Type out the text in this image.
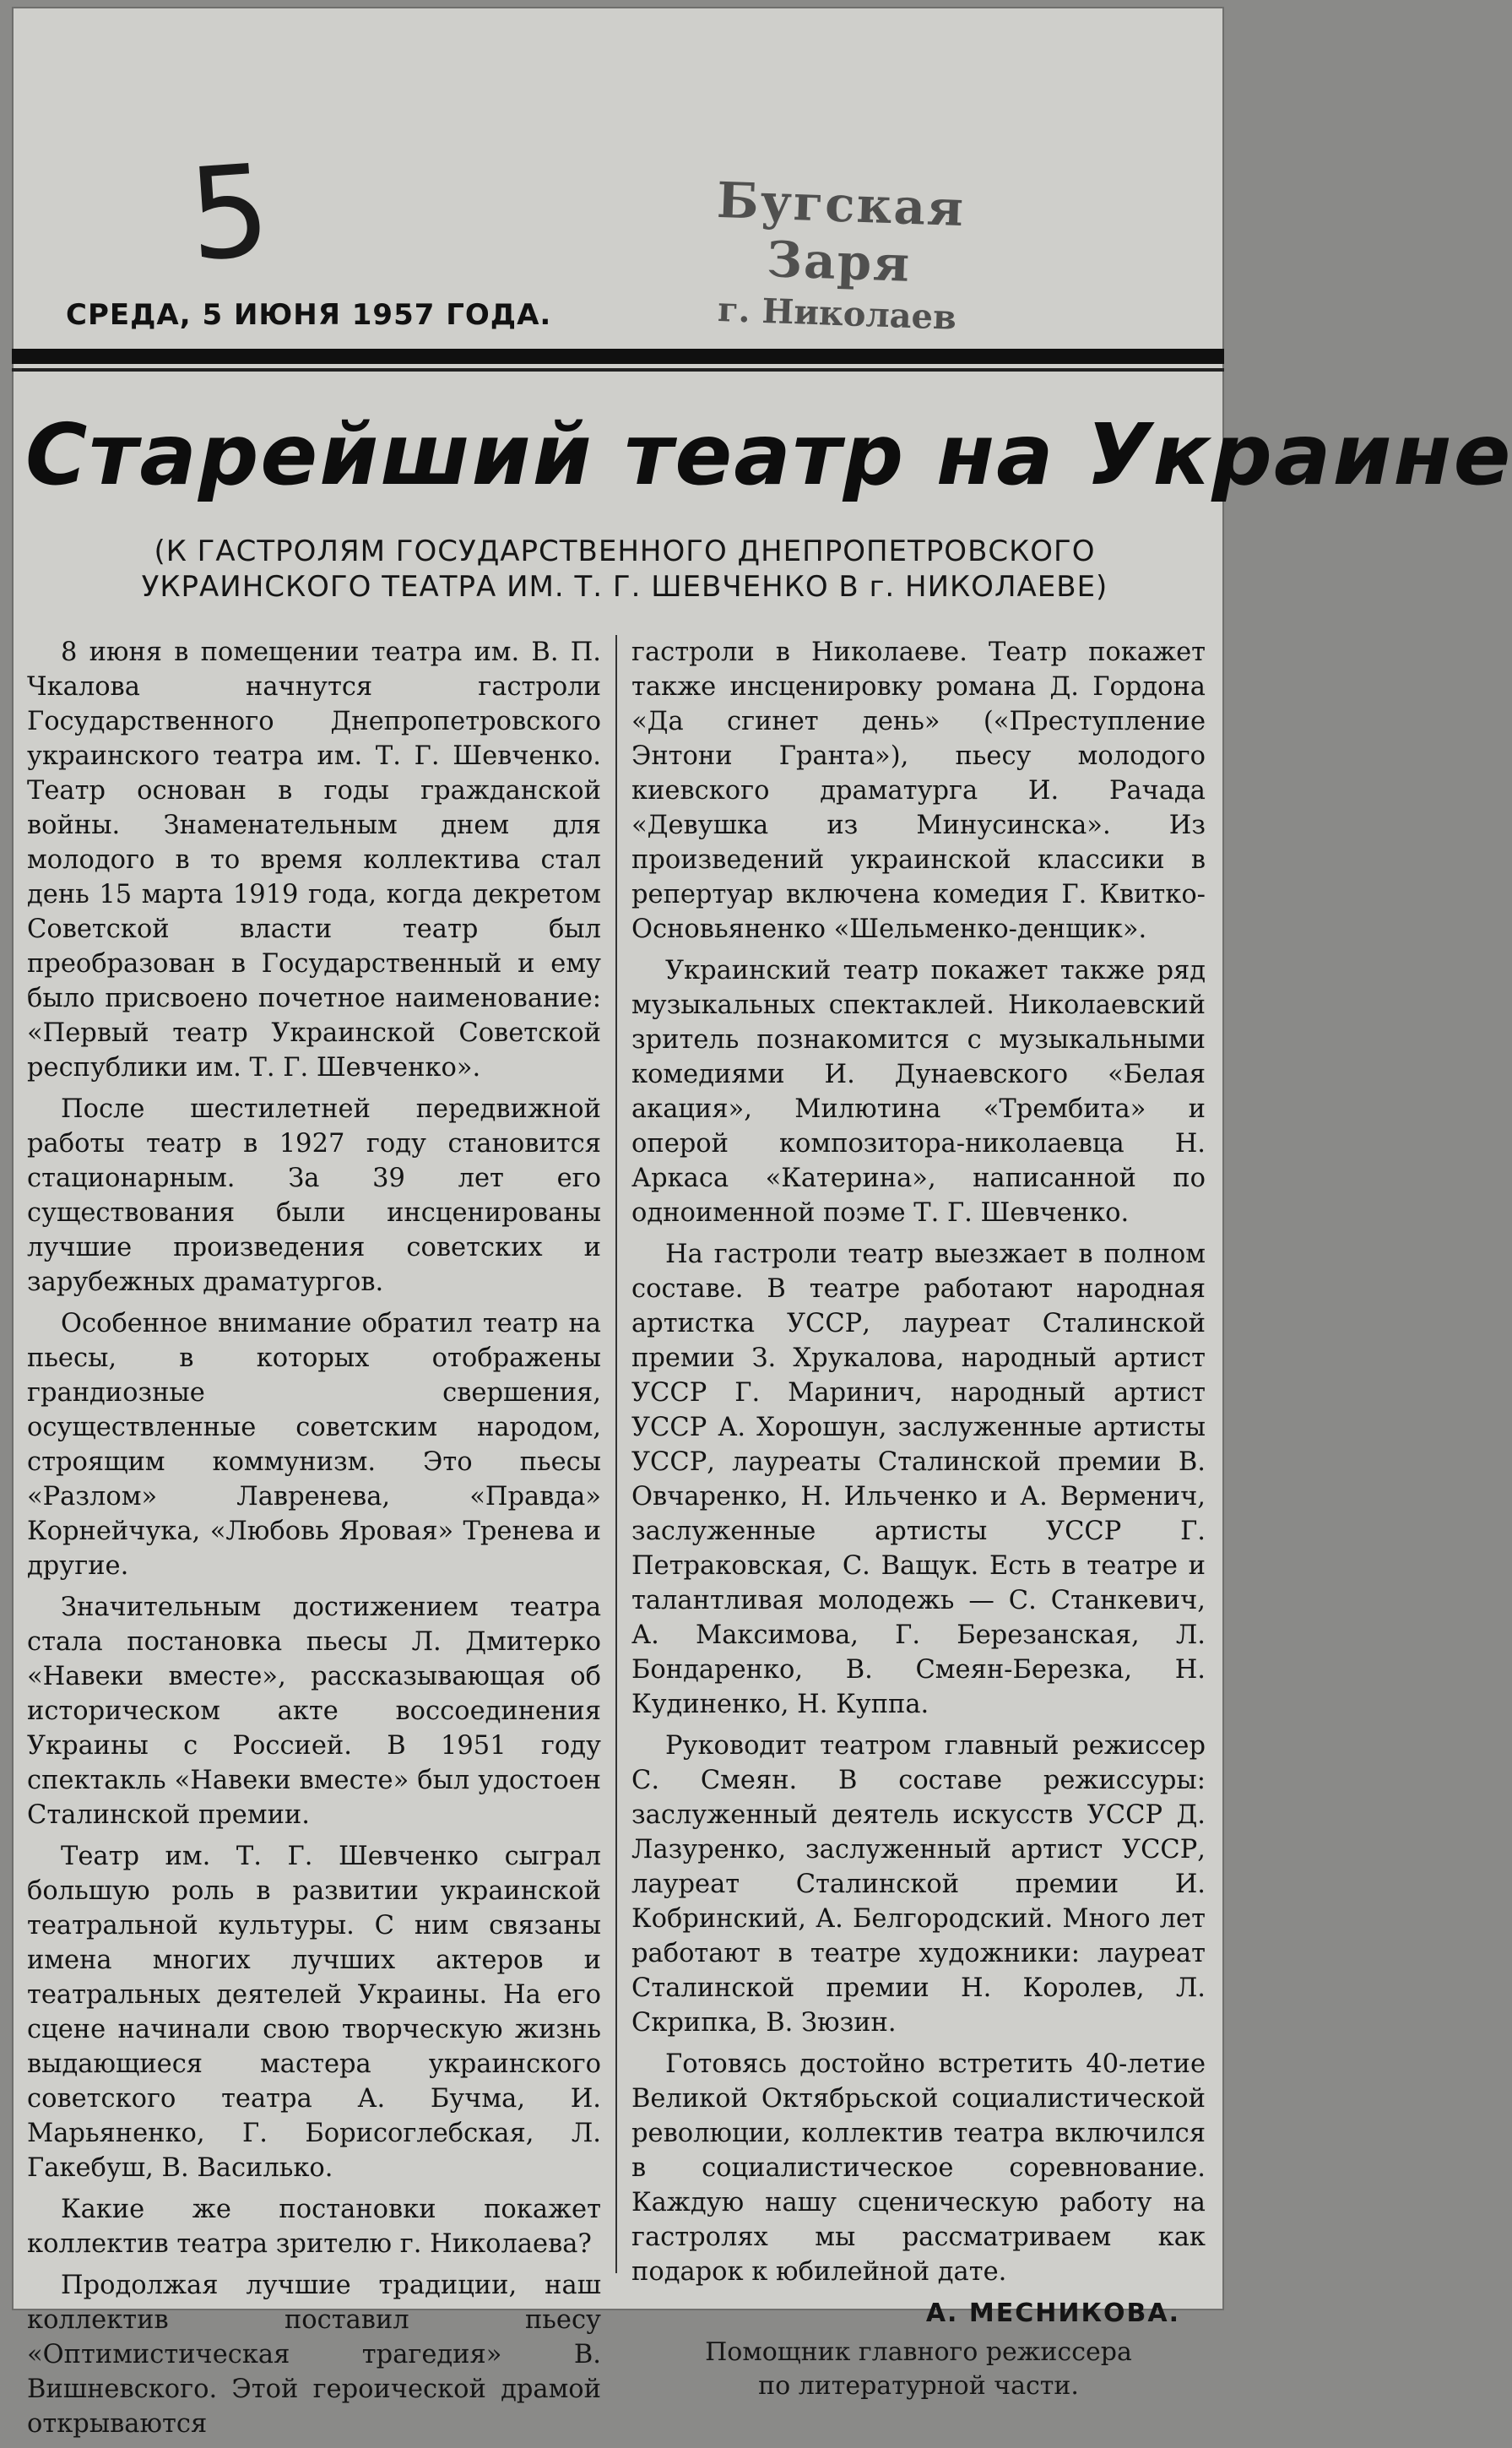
5	Бугская Заря
г. Николаев
СРЕДА, 5 ИЮНЯ 1957 ГОДА.
Старейший театр на Украине
(К ГАСТРОЛЯМ ГОСУДАРСТВЕННОГО ДНЕПРОПЕТРОВСКОГО
УКРАИНСКОГО ТЕАТРА ИМ. Т. Г. ШЕВЧЕНКО В г. НИКОЛАЕВЕ)

8 июня в помещении театра им. В. П. Чкалова начнутся гастроли Государственного Днепропетровского украинского театра им. Т. Г. Шевченко. Театр основан в годы гражданской войны. Знаменательным днем для молодого в то время коллектива стал день 15 марта 1919 года, когда декретом Советской власти театр был преобразован в Государственный и ему было присвоено почетное наименование: «Первый театр Украинской Советской республики им. Т. Г. Шевченко».

После шестилетней передвижной работы театр в 1927 году становится стационарным. За 39 лет его существования были инсценированы лучшие произведения советских и зарубежных драматургов.

Особенное внимание обратил театр на пьесы, в которых отображены грандиозные свершения, осуществленные советским народом, строящим коммунизм. Это пьесы «Разлом» Лавренева, «Правда» Корнейчука, «Любовь Яровая» Тренева и другие.

Значительным достижением театра стала постановка пьесы Л. Дмитерко «Навеки вместе», рассказывающая об историческом акте воссоединения Украины с Россией. В 1951 году спектакль «Навеки вместе» был удостоен Сталинской премии.

Театр им. Т. Г. Шевченко сыграл большую роль в развитии украинской театральной культуры. С ним связаны имена многих лучших актеров и театральных деятелей Украины. На его сцене начинали свою творческую жизнь выдающиеся мастера украинского советского театра А. Бучма, И. Марьяненко, Г. Борисоглебская, Л. Гакебуш, В. Василько.

Какие же постановки покажет коллектив театра зрителю г. Николаева?

Продолжая лучшие традиции, наш коллектив поставил пьесу «Оптимистическая трагедия» В. Вишневского. Этой героической драмой открываются

гастроли в Николаеве. Театр покажет также инсценировку романа Д. Гордона «Да сгинет день» («Преступление Энтони Гранта»), пьесу молодого киевского драматурга И. Рачада «Девушка из Минусинска». Из произведений украинской классики в репертуар включена комедия Г. Квитко-Основьяненко «Шельменко-денщик».

Украинский театр покажет также ряд музыкальных спектаклей. Николаевский зритель познакомится с музыкальными комедиями И. Дунаевского «Белая акация», Милютина «Трембита» и оперой композитора-николаевца Н. Аркаса «Катерина», написанной по одноименной поэме Т. Г. Шевченко.

На гастроли театр выезжает в полном составе. В театре работают народная артистка УССР, лауреат Сталинской премии З. Хрукалова, народный артист УССР Г. Маринич, народный артист УССР А. Хорошун, заслуженные артисты УССР, лауреаты Сталинской премии В. Овчаренко, Н. Ильченко и А. Верменич, заслуженные артисты УССР Г. Петраковская, С. Ващук. Есть в театре и талантливая молодежь — С. Станкевич, А. Максимова, Г. Березанская, Л. Бондаренко, В. Смеян-Березка, Н. Кудиненко, Н. Куппа.

Руководит театром главный режиссер С. Смеян. В составе режиссуры: заслуженный деятель искусств УССР Д. Лазуренко, заслуженный артист УССР, лауреат Сталинской премии И. Кобринский, А. Белгородский. Много лет работают в театре художники: лауреат Сталинской премии Н. Королев, Л. Скрипка, В. Зюзин.

Готовясь достойно встретить 40-летие Великой Октябрьской социалистической революции, коллектив театра включился в социалистическое соревнование. Каждую нашу сценическую работу на гастролях мы рассматриваем как подарок к юбилейной дате.

А. МЕСНИКОВА.
Помощник главного режиссера
по литературной части.
